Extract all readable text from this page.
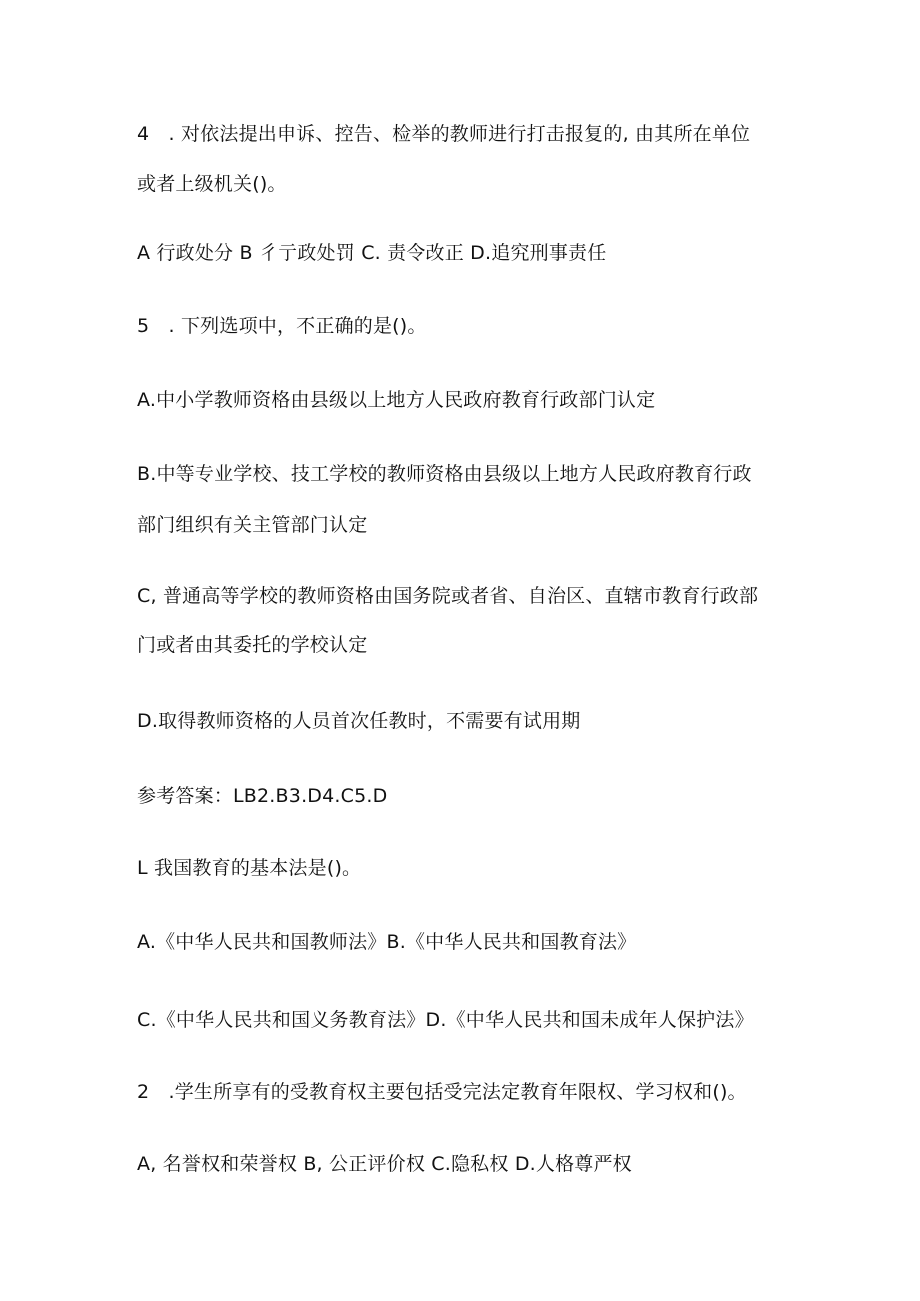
4　. 对依法提出申诉、控告、检举的教师进行打击报复的, 由其所在单位
或者上级机关()。
A 行政处分 B 彳亍政处罚 C. 责令改正 D.追究刑事责任
5　. 下列选项中，不正确的是()。
A.中小学教师资格由县级以上地方人民政府教育行政部门认定
B.中等专业学校、技工学校的教师资格由县级以上地方人民政府教育行政
部门组织有关主管部门认定
C, 普通高等学校的教师资格由国务院或者省、自治区、直辖市教育行政部
门或者由其委托的学校认定
D.取得教师资格的人员首次任教时，不需要有试用期
参考答案：LB2.B3.D4.C5.D
L 我国教育的基本法是()。
A.《中华人民共和国教师法》B.《中华人民共和国教育法》
C.《中华人民共和国义务教育法》D.《中华人民共和国未成年人保护法》
2　.学生所享有的受教育权主要包括受完法定教育年限权、学习权和()。
A, 名誉权和荣誉权 B, 公正评价权 C.隐私权 D.人格尊严权
